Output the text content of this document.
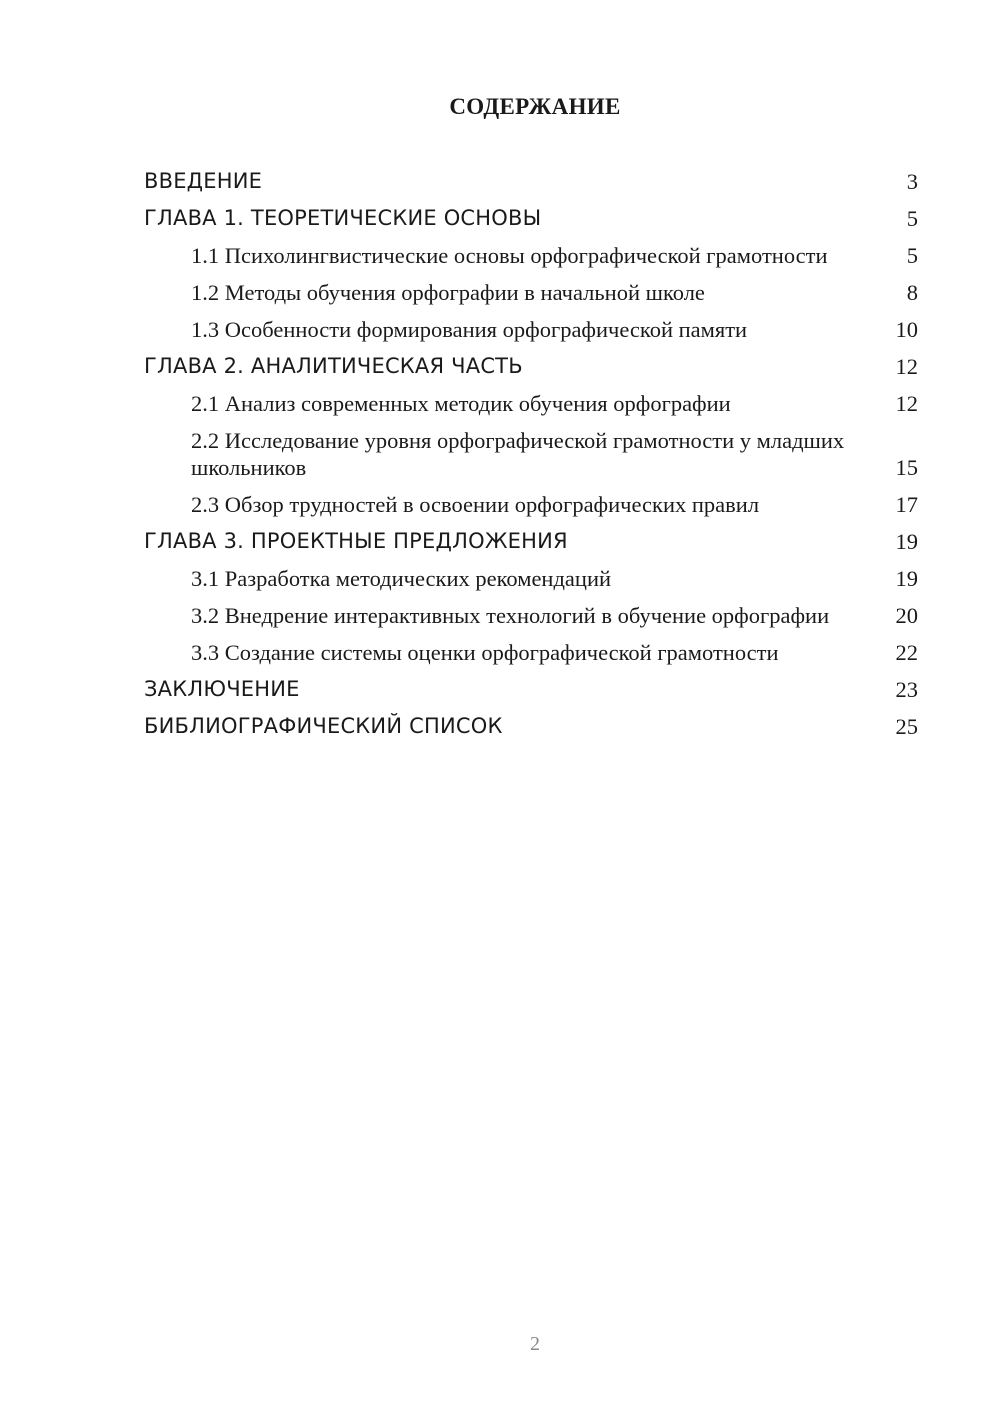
СОДЕРЖАНИЕ
ВВЕДЕНИЕ	3
ГЛАВА 1. ТЕОРЕТИЧЕСКИЕ ОСНОВЫ	5
1.1 Психолингвистические основы орфографической грамотности	5
1.2 Методы обучения орфографии в начальной школе	8
1.3 Особенности формирования орфографической памяти	10
ГЛАВА 2. АНАЛИТИЧЕСКАЯ ЧАСТЬ	12
2.1 Анализ современных методик обучения орфографии	12
2.2 Исследование уровня орфографической грамотности у младших школьников	15
2.3 Обзор трудностей в освоении орфографических правил	17
ГЛАВА 3. ПРОЕКТНЫЕ ПРЕДЛОЖЕНИЯ	19
3.1 Разработка методических рекомендаций	19
3.2 Внедрение интерактивных технологий в обучение орфографии	20
3.3 Создание системы оценки орфографической грамотности	22
ЗАКЛЮЧЕНИЕ	23
БИБЛИОГРАФИЧЕСКИЙ СПИСОК	25
2
